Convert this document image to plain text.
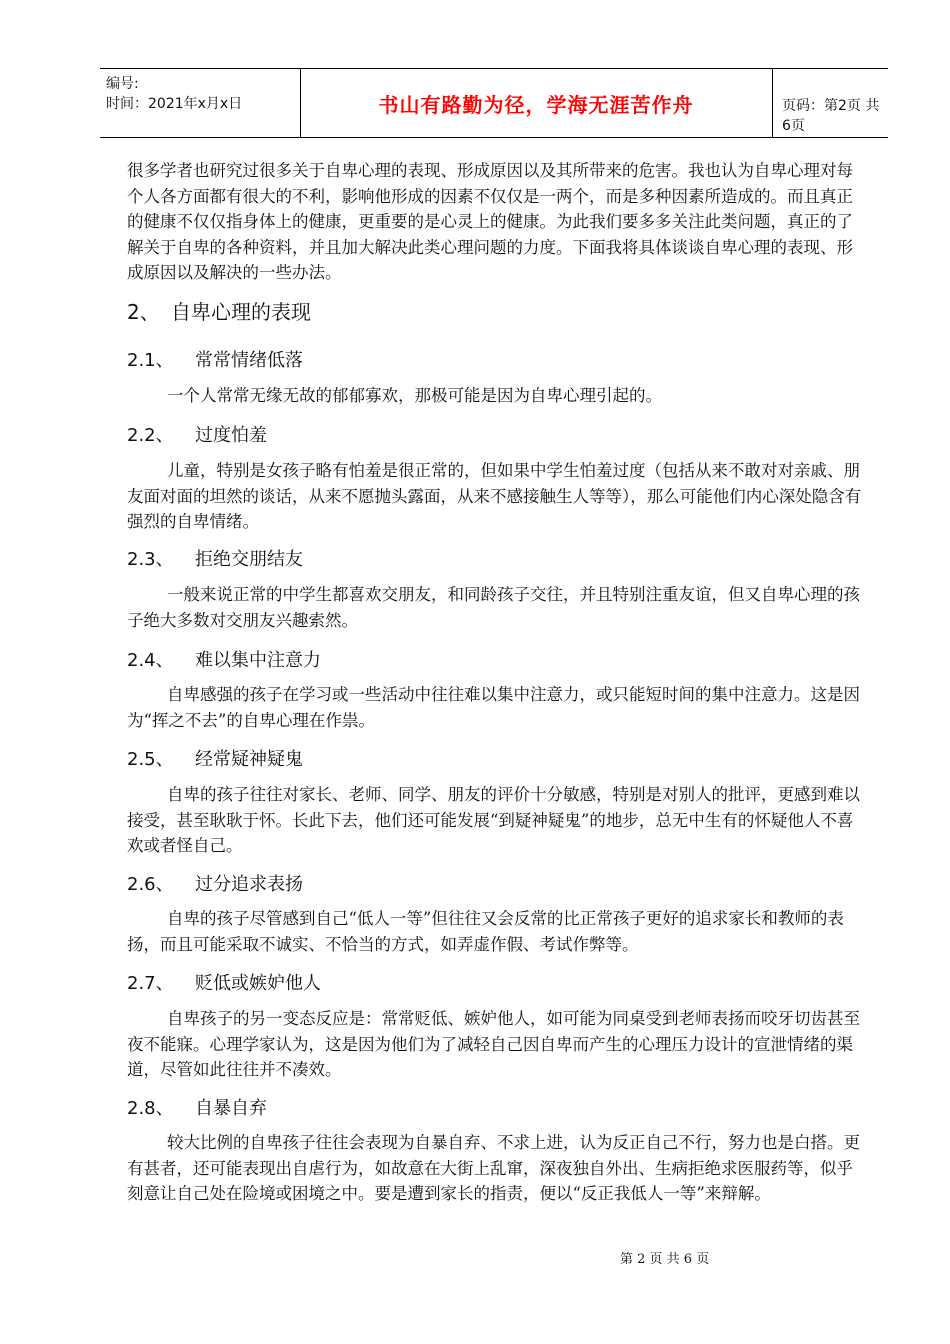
编号:
时间：2021年x月x日	书山有路勤为径，学海无涯苦作舟	页码：第2页 共6页

很多学者也研究过很多关于自卑心理的表现、形成原因以及其所带来的危害。我也认为自卑心理对每个人各方面都有很大的不利，影响他形成的因素不仅仅是一两个，而是多种因素所造成的。而且真正的健康不仅仅指身体上的健康，更重要的是心灵上的健康。为此我们要多多关注此类问题，真正的了解关于自卑的各种资料，并且加大解决此类心理问题的力度。下面我将具体谈谈自卑心理的表现、形成原因以及解决的一些办法。

2、 自卑心理的表现
2.1、 常常情绪低落

一个人常常无缘无故的郁郁寡欢，那极可能是因为自卑心理引起的。

2.2、 过度怕羞

儿童，特别是女孩子略有怕羞是很正常的，但如果中学生怕羞过度（包括从来不敢对对亲戚、朋友面对面的坦然的谈话，从来不愿抛头露面，从来不感接触生人等等），那么可能他们内心深处隐含有强烈的自卑情绪。

2.3、 拒绝交朋结友

一般来说正常的中学生都喜欢交朋友，和同龄孩子交往，并且特别注重友谊，但又自卑心理的孩子绝大多数对交朋友兴趣索然。

2.4、 难以集中注意力

自卑感强的孩子在学习或一些活动中往往难以集中注意力，或只能短时间的集中注意力。这是因为“挥之不去”的自卑心理在作祟。

2.5、 经常疑神疑鬼

自卑的孩子往往对家长、老师、同学、朋友的评价十分敏感，特别是对别人的批评，更感到难以接受，甚至耿耿于怀。长此下去，他们还可能发展“到疑神疑鬼”的地步，总无中生有的怀疑他人不喜欢或者怪自己。

2.6、 过分追求表扬

自卑的孩子尽管感到自己“低人一等”但往往又会反常的比正常孩子更好的追求家长和教师的表扬，而且可能采取不诚实、不恰当的方式，如弄虚作假、考试作弊等。

2.7、 贬低或嫉妒他人

自卑孩子的另一变态反应是：常常贬低、嫉妒他人，如可能为同桌受到老师表扬而咬牙切齿甚至夜不能寐。心理学家认为，这是因为他们为了减轻自己因自卑而产生的心理压力设计的宣泄情绪的渠道，尽管如此往往并不凑效。

2.8、 自暴自弃

较大比例的自卑孩子往往会表现为自暴自弃、不求上进，认为反正自己不行，努力也是白搭。更有甚者，还可能表现出自虐行为，如故意在大街上乱窜，深夜独自外出、生病拒绝求医服药等，似乎刻意让自己处在险境或困境之中。要是遭到家长的指责，便以“反正我低人一等”来辩解。

第 2 页 共 6 页
